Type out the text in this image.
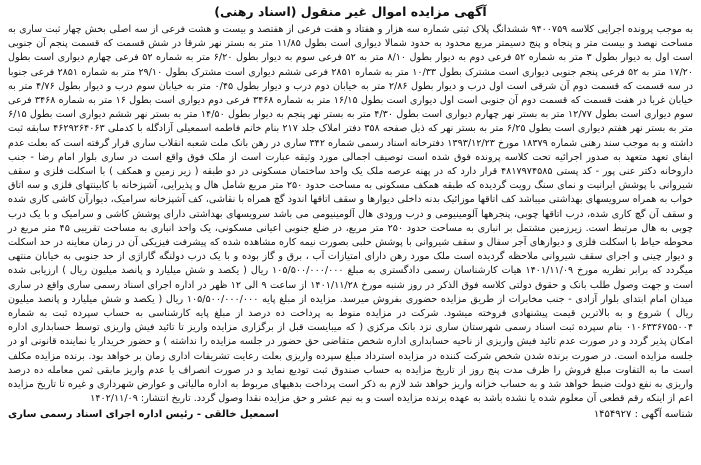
آگهی مزایده اموال غیر منقول (اسناد رهنی)

به موجب پرونده اجرایی کلاسه ۹۴۰۰۷۵۹ ششدانگ پلاک ثبتی شماره سه هزار و هفتاد و هفت فرعی از هفتصد و بیست و هشت فرعی از سه اصلی بخش چهار ثبت ساری به مساحت نهصد و بیست متر و پنجاه و پنج دسیمتر مربع محدود به حدود شمالا دیواری است بطول ۱۱/۸۵ متر به بستر نهر شرقا در شش قسمت که قسمت پنجم آن جنوبی است اول به دیوار بطول ۳ متر به شماره ۵۲ فرعی دوم به دیوار بطول ۸/۱۰ متر به ۵۲ فرعی سوم به دیوار بطول ۶/۲۰ متر به شماره ۵۲ فرعی چهارم دیواری است بطول ۱۷/۲۰ متر به ۵۲ فرعی پنجم جنوبی دیواری است مشترک بطول ۱۰/۳۳ متر به شماره ۲۸۵۱ فرعی ششم دیواری است مشترک بطول ۲۹/۱۰ متر به شماره ۲۸۵۱ فرعی جنوبا در سه قسمت که قسمت دوم آن شرقی است اول درب و دیوار بطول ۲/۸۶ متر به خیابان دوم درب و دیوار بطول ۰/۴۵ متر به خیابان سوم درب و دیوار بطول ۴/۷۶ متر به خیابان غربا در هفت قسمت که قسمت دوم آن جنوبی است اول دیواری است بطول ۱۶/۱۵ متر به شماره ۳۴۶۸ فرعی دوم دیواری است بطول ۱۶ متر به شماره ۳۴۶۸ فرعی سوم دیواری است بطول ۱۲/۷۷ متر به بستر نهر چهارم دیواری است بطول ۴/۳۰ متر به بستر نهر پنجم به دیوار بطول ۱۴/۵۰ متر به بستر نهر ششم دیواری است بطول ۶/۱۵ متر به بستر نهر هفتم دیواری است بطول ۶/۲۵ متر به بستر نهر که ذیل صفحه ۳۵۸ دفتر املاک جلد ۲۱۷ بنام خانم فاطمه اسمعیلی آزادگله با کدملی ۴۶۲۹۲۶۴۰۶۳ سابقه ثبت داشته و به موجب سند رهنی شماره ۱۸۳۷۹ مورخ ۱۳۹۳/۱۲/۲۳ دفترخانه اسناد رسمی شماره ۳۴۲ ساری در رهن بانک ملت شعبه انقلاب ساری قرار گرفته است که بعلت عدم ایفای تعهد متعهد به صدور اجرائیه تحت کلاسه پرونده فوق شده است توصیف اجمالی مورد وثیقه عبارت است از ملک فوق واقع است در ساری بلوار امام رضا - جنب داروخانه دکتر عنی پور - کد پستی ۴۸۱۷۹۷۴۵۸۵ قرار دارد که در پهنه عرصه ملک یک واحد ساختمان مسکونی در دو طبقه ( زیر زمین و همکف ) با اسکلت فلزی و سقف شیروانی با پوشش ایرانیت و نمای سنگ رویت گردیده که طبقه همکف مسکونی به مساحت حدود ۲۵۰ متر مربع شامل هال و پذیرایی، آشپزخانه با کابینتهای فلزی و سه اتاق خواب به همراه سرویسهای بهداشتی میباشد کف اتاقها موزائیک بدنه داخلی دیوارها و سقف اتاقها اندود گچ همراه با نقاشی، کف آشپزخانه سرامیک، دیوارآن کاشی کاری شده و سقف آن گچ کاری شده، درب اتاقها چوبی، پنجرهها آلومینیومی و درب ورودی هال آلومینیومی می باشد سرویسهای بهداشتی دارای پوشش کاشی و سرامیک و با یک درب چوبی به هال مرتبط است. زیرزمین مشتمل بر انباری به مساحت حدود ۲۵۰ متر مربع، در ضلع جنوبی اعیانی مسکونی، یک واحد انباری به مساحت تقریبی ۴۵ متر مربع در محوطه حیاط با اسکلت فلزی و دیوارهای آجر سفال و سقف شیروانی با پوشش حلبی بصورت نیمه کاره مشاهده شده که پیشرفت فیزیکی آن در زمان معاینه در حد اسکلت و دیوار چینی و اجرای سقف شیروانی ملاحظه گردیده است ملک مورد رهن دارای امتیازات آب ، برق و گاز بوده و با یک درب دولنگه گاراژی از حد جنوبی به خیابان منتهی میگردد که برابر نظریه مورخ ۱۴۰۱/۱۱/۰۹ هیات کارشناسان رسمی دادگستری به مبلغ ۱۰۵/۵۰۰/۰۰۰/۰۰۰ ریال ( یکصد و شش میلیارد و پانصد میلیون ریال ) ارزیابی شده است و جهت وصول طلب بانک و حقوق دولتی کلاسه فوق الذکر در روز شنبه مورخ ۱۴۰۱/۱۱/۲۸ از ساعت ۹ الی ۱۲ ظهر در اداره اجرای اسناد رسمی ساری واقع در ساری میدان امام ابتدای بلوار آزادی - جنب مخابرات از طریق مزایده حضوری بفروش میرسد. مزایده از مبلغ پایه ۱۰۵/۵۰۰/۰۰۰/۰۰۰ ریال ( یکصد و شش میلیارد و پانصد میلیون ریال ) شروع و به بالاترین قیمت پیشنهادی فروخته میشود. شرکت در مزایده منوط به پرداخت ده درصد از مبلغ پایه کارشناسی به حساب سپرده ثبت به شماره ۰۱۰۶۳۳۶۷۵۵۰۰۴ بنام سپرده ثبت اسناد رسمی شهرستان ساری نزد بانک مرکزی ( که میبایست قبل از برگزاری مزایده واریز تا تائید فیش واریزی توسط حسابداری اداره امکان پذیر گردد و در صورت عدم تائید فیش واریزی از ناحیه حسابداری اداره شخص متقاضی حق حضور در جلسه مزایده را نداشته ) و حضور خریدار یا نماینده قانونی او در جلسه مزایده است. در صورت برنده شدن شخص شرکت کننده در مزایده استرداد مبلغ سپرده واریزی بعلت رعایت تشریفات اداری زمان بر خواهد بود. برنده مزایده مکلف است ما به التفاوت مبلغ فروش را ظرف مدت پنج روز از تاریخ مزایده به حساب صندوق ثبت تودیع نماید و در صورت انصراف یا عدم واریز مابقی ثمن معامله ده درصد واریزی به نفع دولت ضبط خواهد شد و به حساب خزانه واریز خواهد شد لازم به ذکر است پرداخت بدهیهای مربوط به اداره مالیاتی و عوارض شهرداری و غیره تا تاریخ مزایده اعم از اینکه رقم قطعی آن معلوم شده یا نشده باشد به عهده برنده مزایده است و به نیم عشر و حق مزایده نقدا وصول گردد. تاریخ انتشار: ۱۴۰۲/۱۱/۰۹

شناسه آگهی : ۱۴۵۴۹۲۷
اسمعیل خالقی - رئیس اداره اجرای اسناد رسمی ساری
